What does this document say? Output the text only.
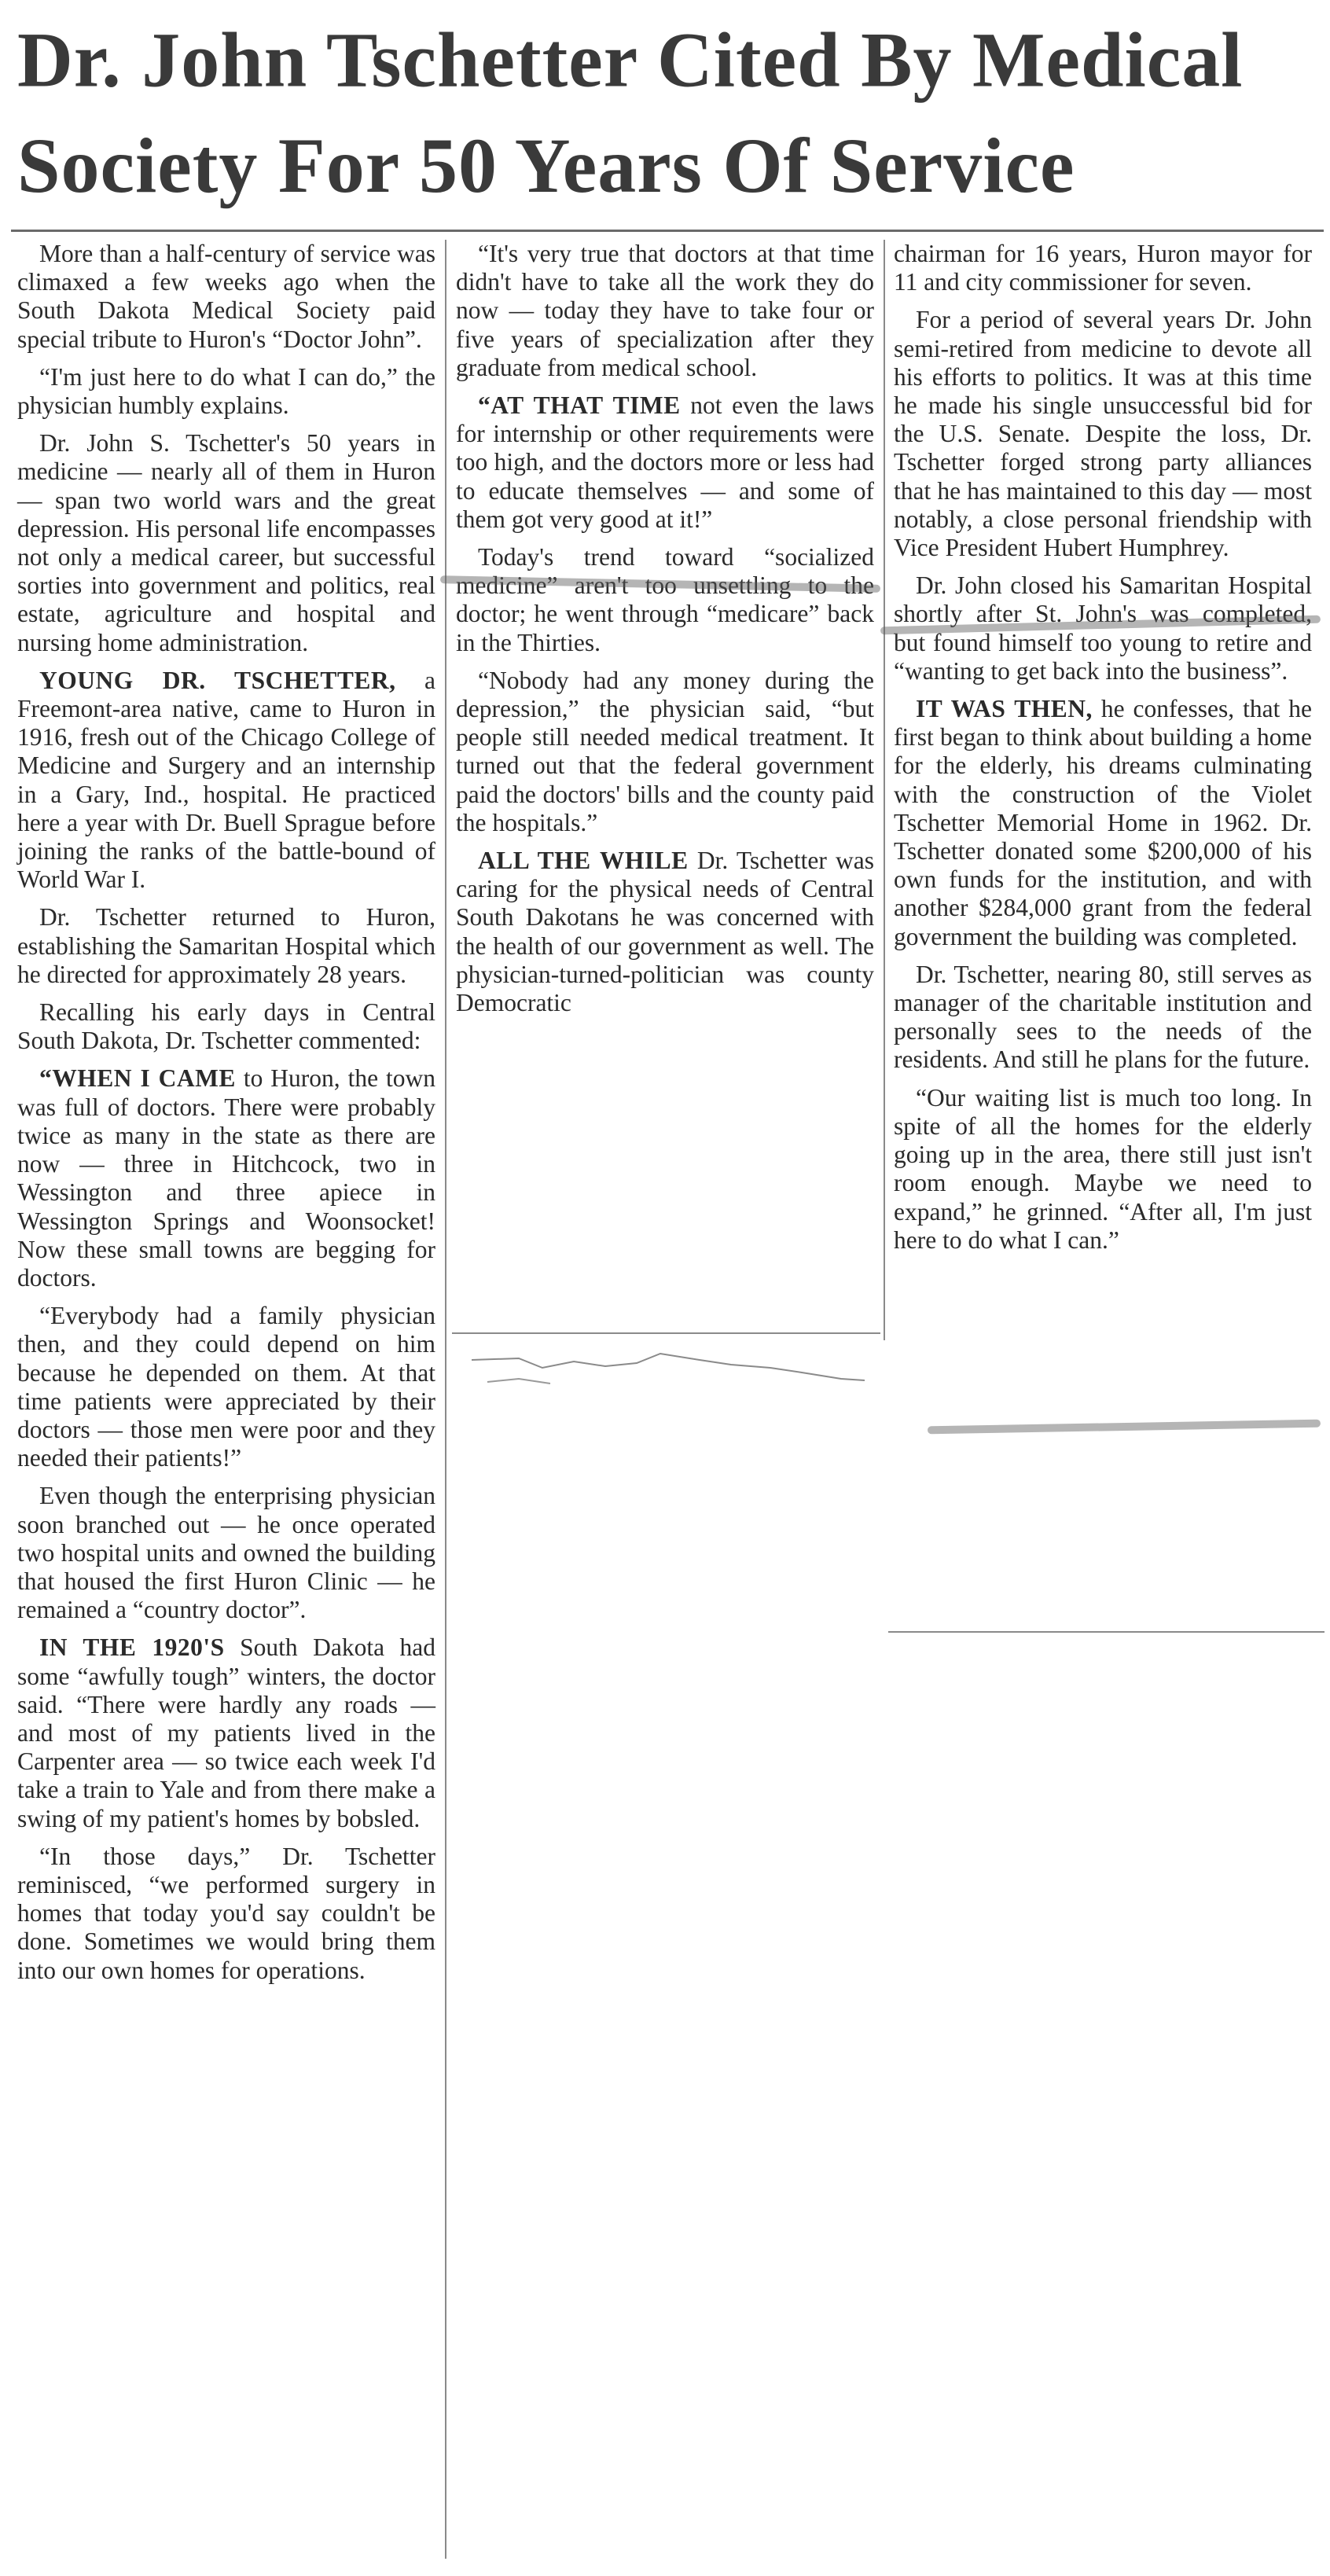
Dr. John Tschetter Cited By Medical
Society For 50 Years Of Service

More than a half-century of service was climaxed a few weeks ago when the South Dakota Medical Society paid special tribute to Huron's “Doctor John”.

“I'm just here to do what I can do,” the physician humbly explains.

Dr. John S. Tschetter's 50 years in medicine — nearly all of them in Huron — span two world wars and the great depression. His personal life encompasses not only a medical career, but successful sorties into government and politics, real estate, agriculture and hospital and nursing home administration.

YOUNG DR. TSCHETTER, a Freemont-area native, came to Huron in 1916, fresh out of the Chicago College of Medicine and Surgery and an internship in a Gary, Ind., hospital. He practiced here a year with Dr. Buell Sprague before joining the ranks of the battle-bound of World War I.

Dr. Tschetter returned to Huron, establishing the Samaritan Hospital which he directed for approximately 28 years.

Recalling his early days in Central South Dakota, Dr. Tschetter commented:

“WHEN I CAME to Huron, the town was full of doctors. There were probably twice as many in the state as there are now — three in Hitchcock, two in Wessington and three apiece in Wessington Springs and Woonsocket! Now these small towns are begging for doctors.

“Everybody had a family physician then, and they could depend on him because he depended on them. At that time patients were appreciated by their doctors — those men were poor and they needed their patients!”

Even though the enterprising physician soon branched out — he once operated two hospital units and owned the building that housed the first Huron Clinic — he remained a “country doctor”.

IN THE 1920'S South Dakota had some “awfully tough” winters, the doctor said. “There were hardly any roads — and most of my patients lived in the Carpenter area — so twice each week I'd take a train to Yale and from there make a swing of my patient's homes by bobsled.

“In those days,” Dr. Tschetter reminisced, “we performed surgery in homes that today you'd say couldn't be done. Sometimes we would bring them into our own homes for operations.

“It's very true that doctors at that time didn't have to take all the work they do now — today they have to take four or five years of specialization after they graduate from medical school.

“AT THAT TIME not even the laws for internship or other requirements were too high, and the doctors more or less had to educate themselves — and some of them got very good at it!”

Today's trend toward “socialized medicine” aren't too unsettling to the doctor; he went through “medicare” back in the Thirties.

“Nobody had any money during the depression,” the physician said, “but people still needed medical treatment. It turned out that the federal government paid the doctors' bills and the county paid the hospitals.”

ALL THE WHILE Dr. Tschetter was caring for the physical needs of Central South Dakotans he was concerned with the health of our government as well. The physician-turned-politician was county Democratic

chairman for 16 years, Huron mayor for 11 and city commissioner for seven.

For a period of several years Dr. John semi-retired from medicine to devote all his efforts to politics. It was at this time he made his single unsuccessful bid for the U.S. Senate. Despite the loss, Dr. Tschetter forged strong party alliances that he has maintained to this day — most notably, a close personal friendship with Vice President Hubert Humphrey.

Dr. John closed his Samaritan Hospital shortly after St. John's was completed, but found himself too young to retire and “wanting to get back into the business”.

IT WAS THEN, he confesses, that he first began to think about building a home for the elderly, his dreams culminating with the construction of the Violet Tschetter Memorial Home in 1962. Dr. Tschetter donated some $200,000 of his own funds for the institution, and with another $284,000 grant from the federal government the building was completed.

Dr. Tschetter, nearing 80, still serves as manager of the charitable institution and personally sees to the needs of the residents. And still he plans for the future.

“Our waiting list is much too long. In spite of all the homes for the elderly going up in the area, there still just isn't room enough. Maybe we need to expand,” he grinned. “After all, I'm just here to do what I can.”
